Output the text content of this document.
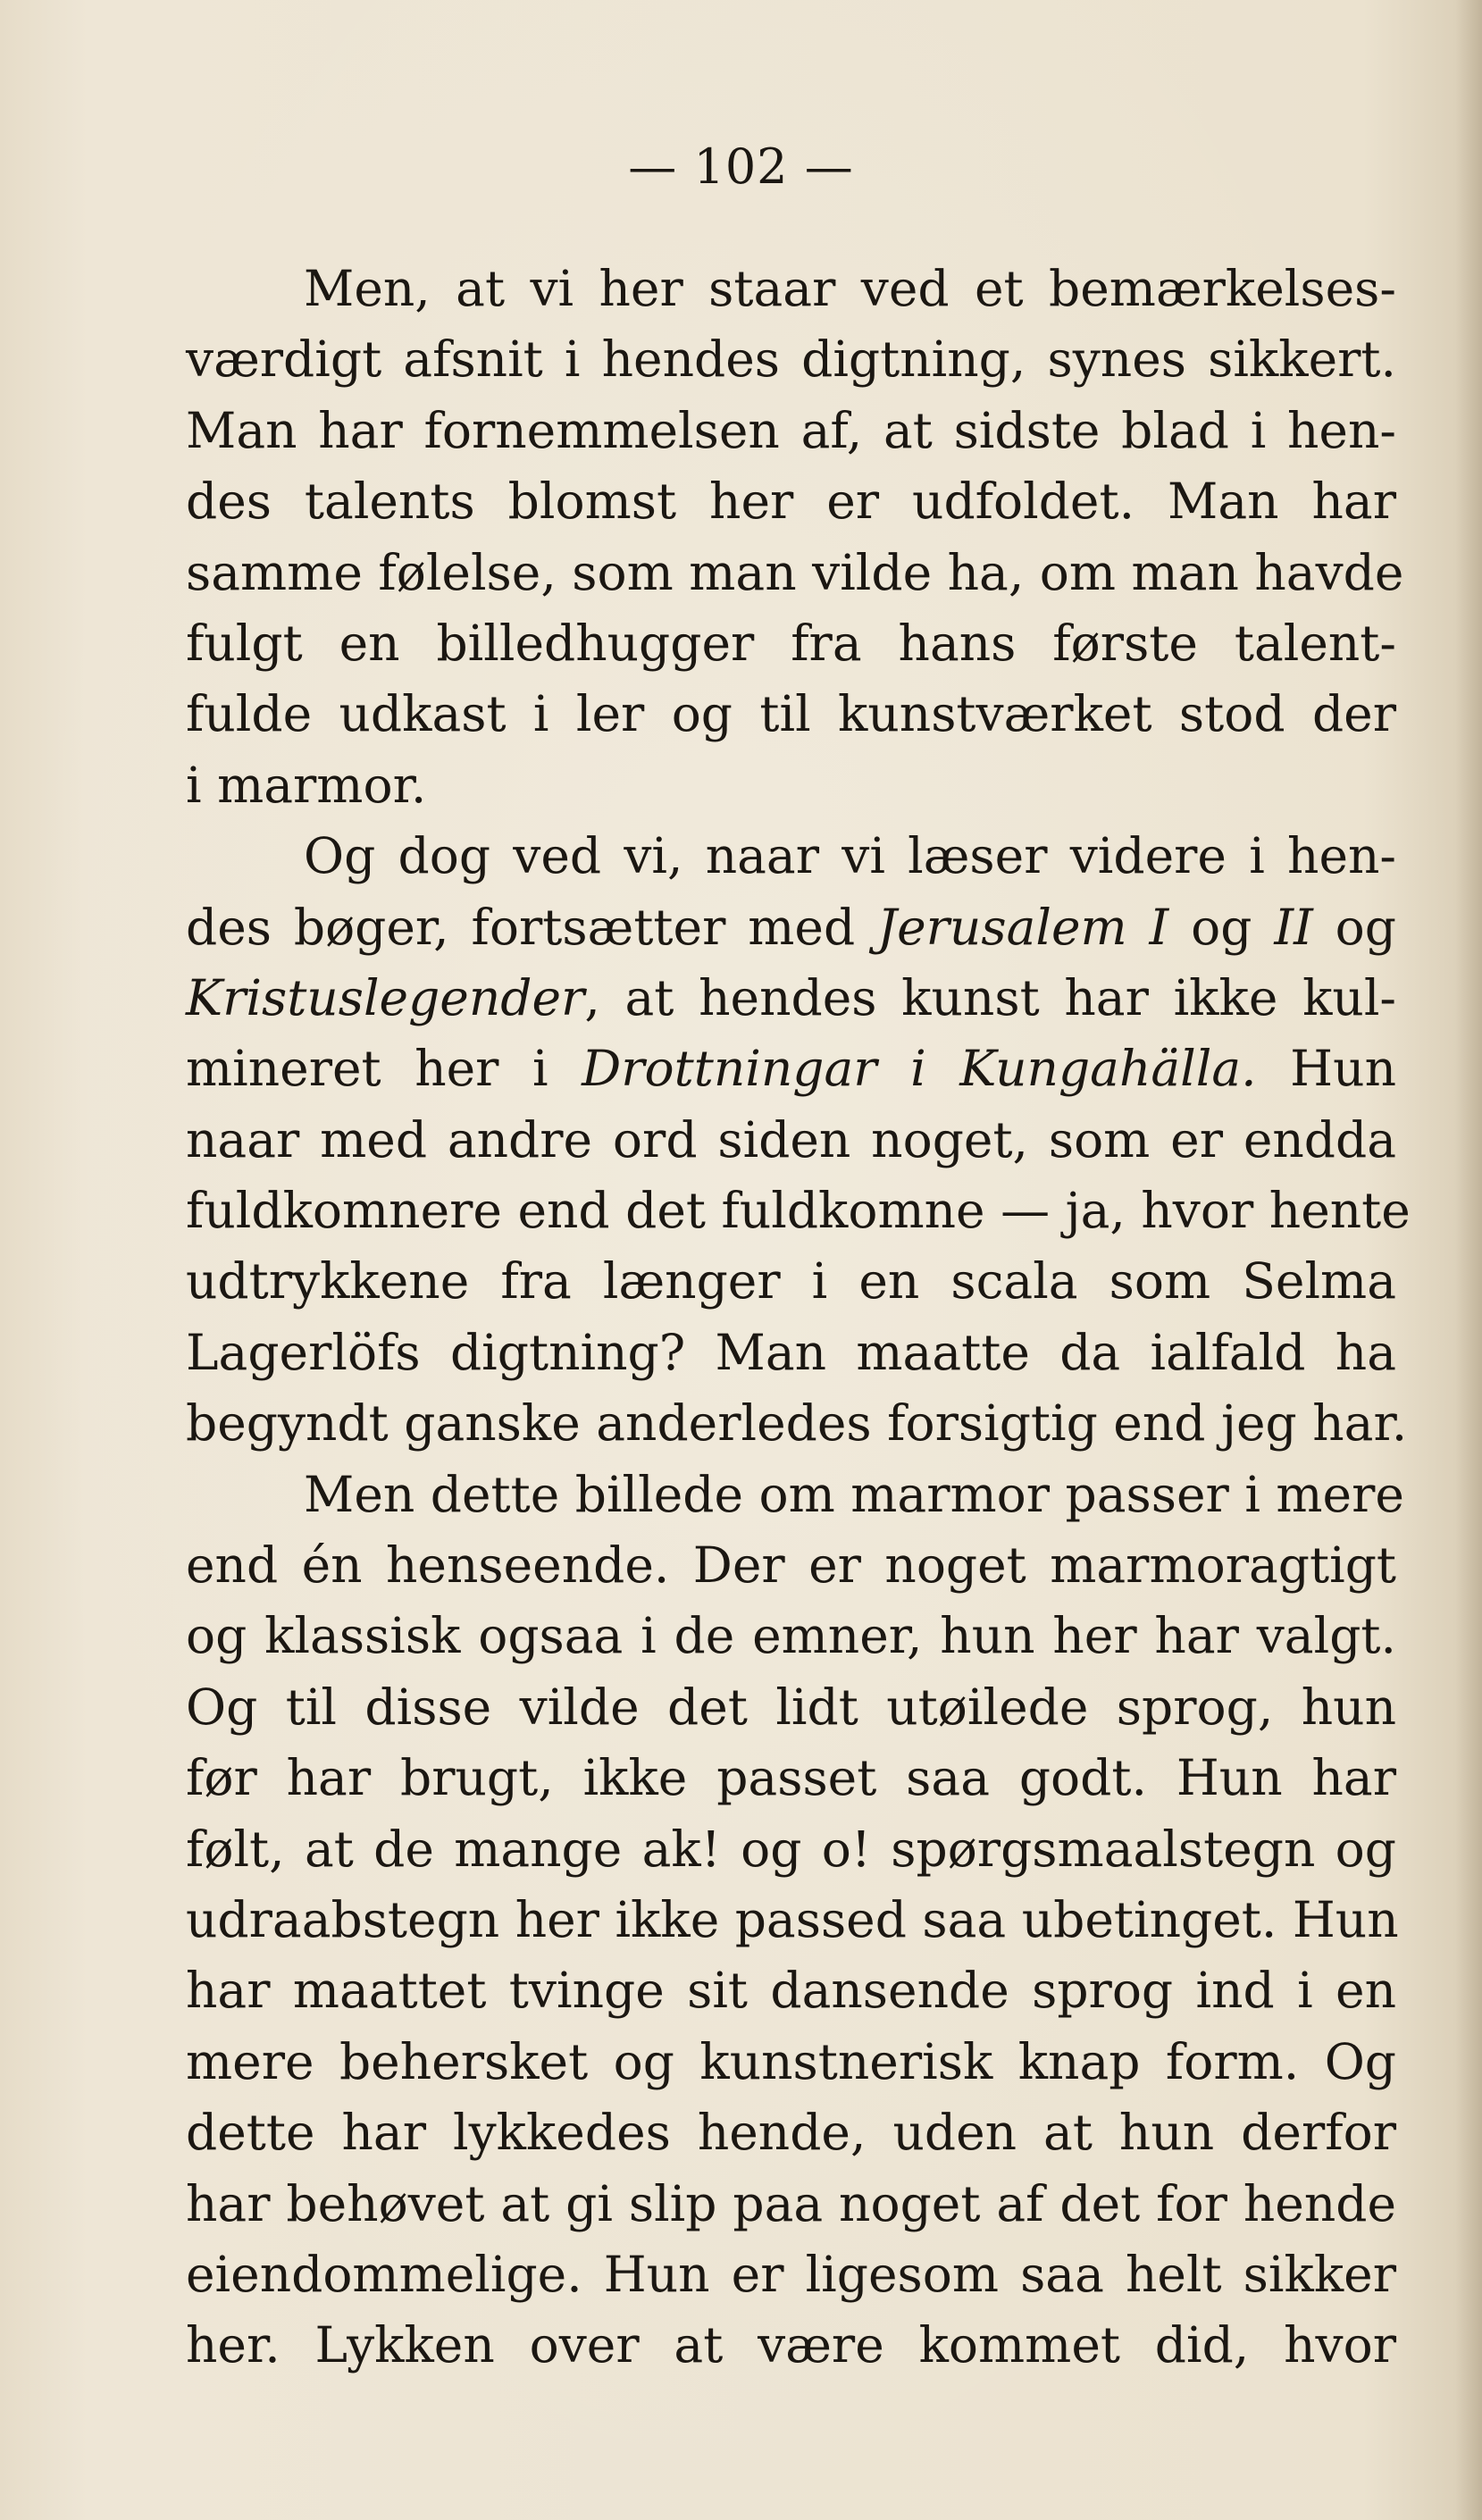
— 102 —
Men, at vi her staar ved et bemærkelses-
værdigt afsnit i hendes digtning, synes sikkert.
Man har fornemmelsen af, at sidste blad i hen-
des talents blomst her er udfoldet. Man har
samme følelse, som man vilde ha, om man havde
fulgt en billedhugger fra hans første talent-
fulde udkast i ler og til kunstværket stod der
i marmor.
Og dog ved vi, naar vi læser videre i hen-
des bøger, fortsætter med Jerusalem I og II og
Kristuslegender, at hendes kunst har ikke kul-
mineret her i Drottningar i Kungahälla. Hun
naar med andre ord siden noget, som er endda
fuldkomnere end det fuldkomne — ja, hvor hente
udtrykkene fra længer i en scala som Selma
Lagerlöfs digtning? Man maatte da ialfald ha
begyndt ganske anderledes forsigtig end jeg har.
Men dette billede om marmor passer i mere
end én henseende. Der er noget marmoragtigt
og klassisk ogsaa i de emner, hun her har valgt.
Og til disse vilde det lidt utøilede sprog, hun
før har brugt, ikke passet saa godt. Hun har
følt, at de mange ak! og o! spørgsmaalstegn og
udraabstegn her ikke passed saa ubetinget. Hun
har maattet tvinge sit dansende sprog ind i en
mere behersket og kunstnerisk knap form. Og
dette har lykkedes hende, uden at hun derfor
har behøvet at gi slip paa noget af det for hende
eiendommelige. Hun er ligesom saa helt sikker
her. Lykken over at være kommet did, hvor
